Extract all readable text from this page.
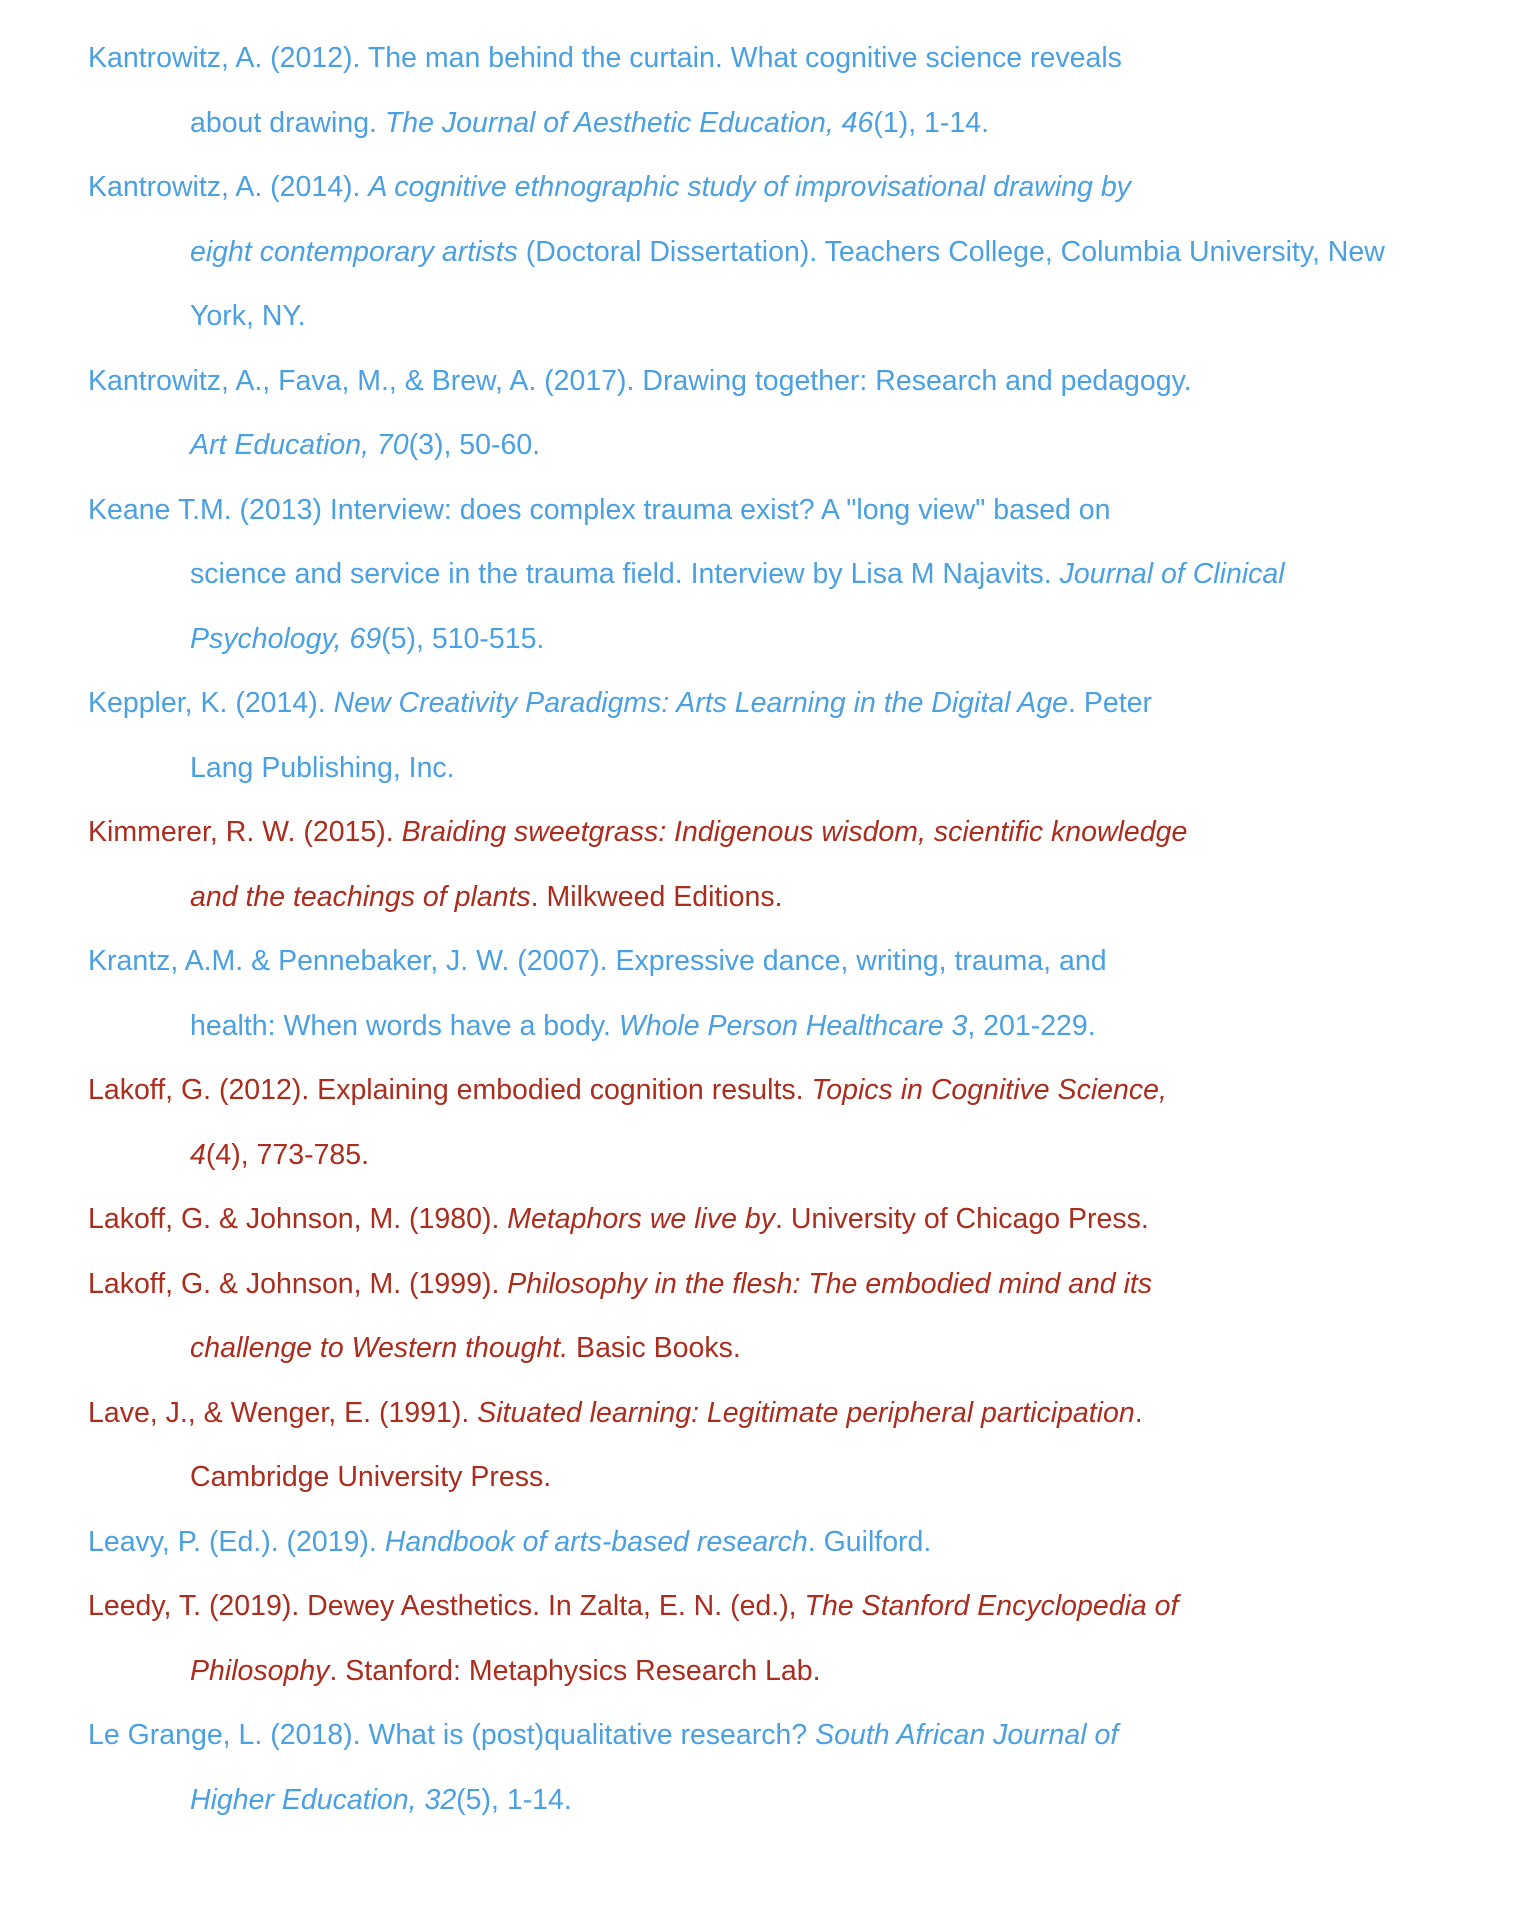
Kantrowitz, A. (2012). The man behind the curtain. What cognitive science reveals
about drawing. The Journal of Aesthetic Education, 46(1), 1-14.
Kantrowitz, A. (2014). A cognitive ethnographic study of improvisational drawing by
eight contemporary artists (Doctoral Dissertation). Teachers College, Columbia University, New
York, NY.
Kantrowitz, A., Fava, M., & Brew, A. (2017). Drawing together: Research and pedagogy.
Art Education, 70(3), 50-60.
Keane T.M. (2013) Interview: does complex trauma exist? A "long view" based on
science and service in the trauma field. Interview by Lisa M Najavits. Journal of Clinical
Psychology, 69(5), 510-515.
Keppler, K. (2014). New Creativity Paradigms: Arts Learning in the Digital Age. Peter
Lang Publishing, Inc.
Kimmerer, R. W. (2015). Braiding sweetgrass: Indigenous wisdom, scientific knowledge
and the teachings of plants. Milkweed Editions.
Krantz, A.M. & Pennebaker, J. W. (2007). Expressive dance, writing, trauma, and
health: When words have a body. Whole Person Healthcare 3, 201-229.
Lakoff, G. (2012). Explaining embodied cognition results. Topics in Cognitive Science,
4(4), 773-785.
Lakoff, G. & Johnson, M. (1980). Metaphors we live by. University of Chicago Press.
Lakoff, G. & Johnson, M. (1999). Philosophy in the flesh: The embodied mind and its
challenge to Western thought. Basic Books.
Lave, J., & Wenger, E. (1991). Situated learning: Legitimate peripheral participation.
Cambridge University Press.
Leavy, P. (Ed.). (2019). Handbook of arts-based research. Guilford.
Leedy, T. (2019). Dewey Aesthetics. In Zalta, E. N. (ed.), The Stanford Encyclopedia of
Philosophy. Stanford: Metaphysics Research Lab.
Le Grange, L. (2018). What is (post)qualitative research? South African Journal of
Higher Education, 32(5), 1-14.
